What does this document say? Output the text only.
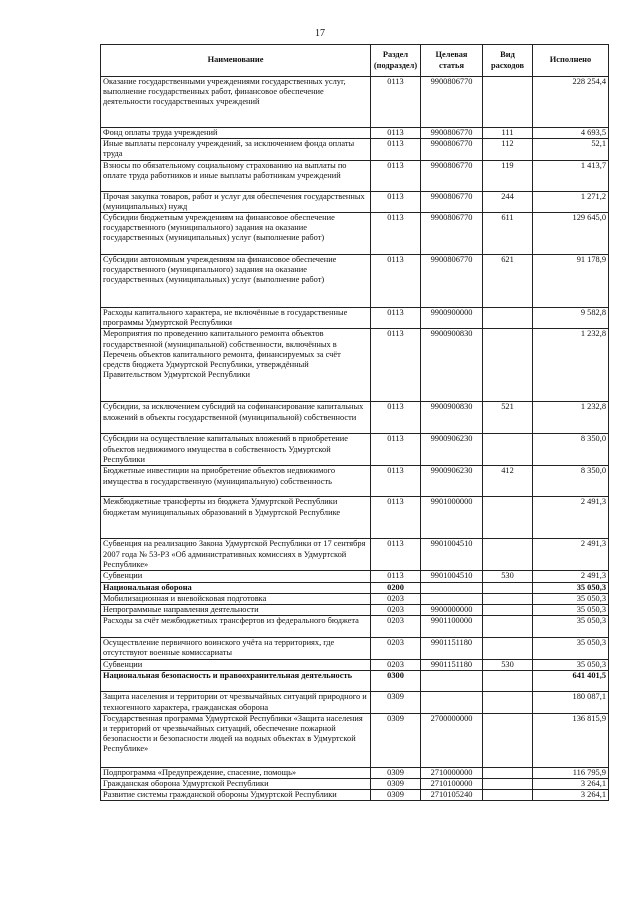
17
Наименование	Раздел (подраздел)	Целевая статья	Вид расходов	Исполнено
Оказание государственными учреждениями государственных услуг, выполнение государственных работ, финансовое обеспечение деятельности государственных учреждений	0113	9900806770		228 254,4
Фонд оплаты труда учреждений	0113	9900806770	111	4 693,5
Иные выплаты персоналу учреждений, за исключением фонда оплаты труда	0113	9900806770	112	52,1
Взносы по обязательному социальному страхованию на выплаты по оплате труда работников и иные выплаты работникам учреждений	0113	9900806770	119	1 413,7
Прочая закупка товаров, работ и услуг для обеспечения государственных (муниципальных) нужд	0113	9900806770	244	1 271,2
Субсидии бюджетным учреждениям на финансовое обеспечение государственного (муниципального) задания на оказание государственных (муниципальных) услуг (выполнение работ)	0113	9900806770	611	129 645,0
Субсидии автономным учреждениям на финансовое обеспечение государственного (муниципального) задания на оказание государственных (муниципальных) услуг (выполнение работ)	0113	9900806770	621	91 178,9
Расходы капитального характера, не включённые в государственные программы Удмуртской Республики	0113	9900900000		9 582,8
Мероприятия по проведению капитального ремонта объектов государственной (муниципальной) собственности, включённых в Перечень объектов капитального ремонта, финансируемых за счёт средств бюджета Удмуртской Республики, утверждённый Правительством Удмуртской Республики	0113	9900900830		1 232,8
Субсидии, за исключением субсидий на софинансирование капитальных вложений в объекты государственной (муниципальной) собственности	0113	9900900830	521	1 232,8
Субсидии на осуществление капитальных вложений в приобретение объектов недвижимого имущества в собственность Удмуртской Республики	0113	9900906230		8 350,0
Бюджетные инвестиции на приобретение объектов недвижимого имущества в государственную (муниципальную) собственность	0113	9900906230	412	8 350,0
Межбюджетные трансферты из бюджета Удмуртской Республики бюджетам муниципальных образований в Удмуртской Республике	0113	9901000000		2 491,3
Субвенция на реализацию Закона Удмуртской Республики от 17 сентября 2007 года № 53-РЗ «Об административных комиссиях в Удмуртской Республике»	0113	9901004510		2 491,3
Субвенции	0113	9901004510	530	2 491,3
Национальная оборона	0200			35 050,3
Мобилизационная и вневойсковая подготовка	0203			35 050,3
Непрограммные направления деятельности	0203	9900000000		35 050,3
Расходы за счёт межбюджетных трансфертов из федерального бюджета	0203	9901100000		35 050,3
Осуществление первичного воинского учёта на территориях, где отсутствуют военные комиссариаты	0203	9901151180		35 050,3
Субвенции	0203	9901151180	530	35 050,3
Национальная безопасность и правоохранительная деятельность	0300			641 401,5
Защита населения и территории от чрезвычайных ситуаций природного и техногенного характера, гражданская оборона	0309			180 087,1
Государственная программа Удмуртской Республики «Защита населения и территорий от чрезвычайных ситуаций, обеспечение пожарной безопасности и безопасности людей на водных объектах в Удмуртской Республике»	0309	2700000000		136 815,9
Подпрограмма «Предупреждение, спасение, помощь»	0309	2710000000		116 795,9
Гражданская оборона Удмуртской Республики	0309	2710100000		3 264,1
Развитие системы гражданской обороны Удмуртской Республики	0309	2710105240		3 264,1
